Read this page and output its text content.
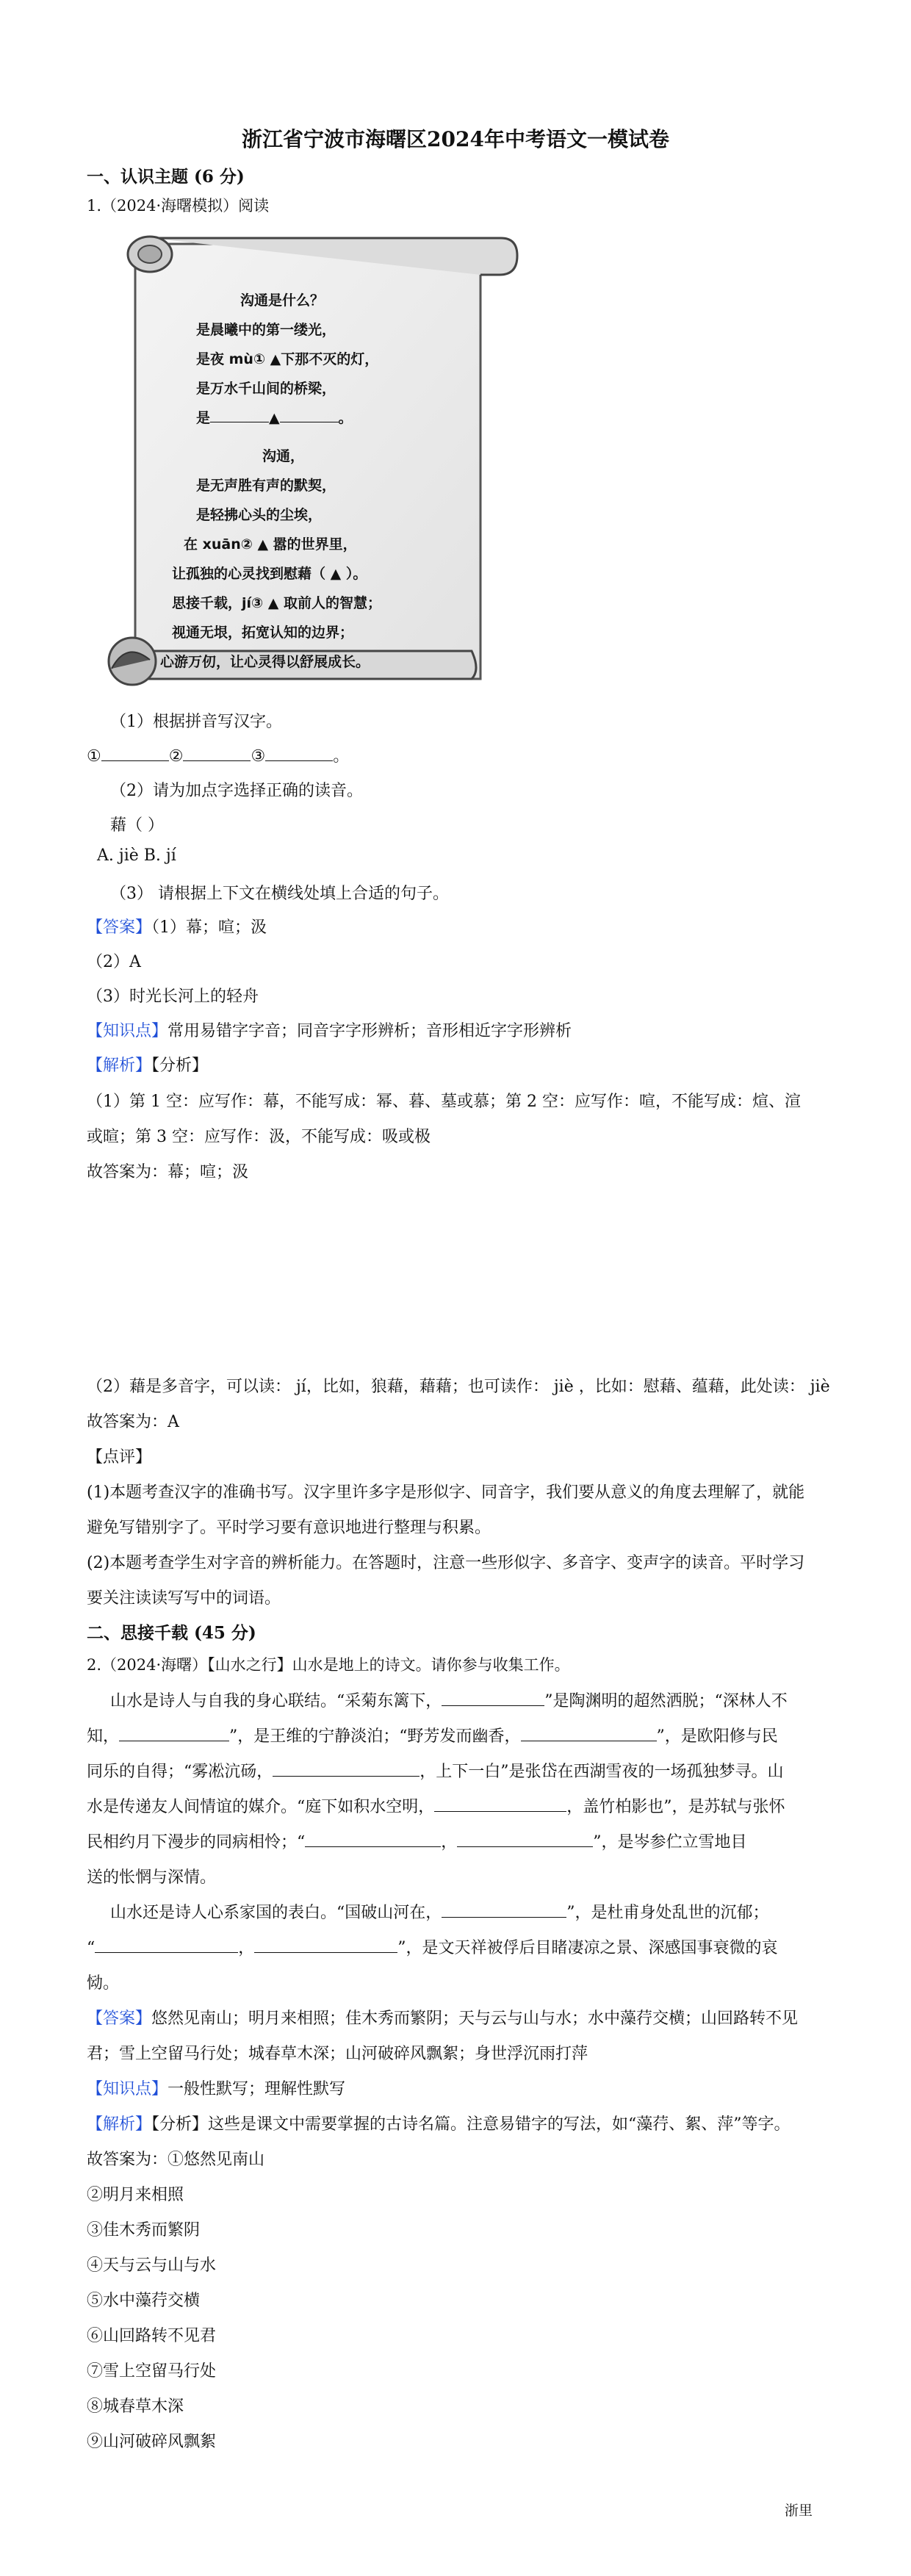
浙江省宁波市海曙区2024年中考语文一模试卷
一、认识主题 (6 分)
1.（2024·海曙模拟）阅读
沟通是什么？
是晨曦中的第一缕光，
是夜 mù① ▲下那不灭的灯，
是万水千山间的桥梁，
是	▲	。
沟通，
是无声胜有声的默契，
是轻拂心头的尘埃，
在 xuān② ▲ 嚣的世界里，
让孤独的心灵找到慰藉（ ▲ ）。
思接千载，jí③ ▲ 取前人的智慧；
视通无垠，拓宽认知的边界；
心游万仞，让心灵得以舒展成长。
（1）根据拼音写汉字。
①	②	③	。
（2）请为加点字选择正确的读音。
藉（ ）
A. jiè B. jí
（3） 请根据上下文在横线处填上合适的句子。
【答案】（1）幕；喧；汲
（2）A
（3）时光长河上的轻舟
【知识点】常用易错字字音；同音字字形辨析；音形相近字字形辨析
【解析】【分析】
（1）第 1 空：应写作：幕，不能写成：幂、暮、墓或慕；第 2 空：应写作：喧，不能写成：煊、渲
或暄；第 3 空：应写作：汲，不能写成：吸或极
故答案为：幕；喧；汲
（2）藉是多音字，可以读： jí，比如，狼藉，藉藉；也可读作： jiè ，比如：慰藉、蕴藉，此处读： jiè
故答案为：A
【点评】
(1)本题考查汉字的准确书写。汉字里许多字是形似字、同音字，我们要从意义的角度去理解了，就能
避免写错别字了。平时学习要有意识地进行整理与积累。
(2)本题考查学生对字音的辨析能力。在答题时，注意一些形似字、多音字、变声字的读音。平时学习
要关注读读写写中的词语。
二、思接千载 (45 分)
2.（2024·海曙）【山水之行】山水是地上的诗文。请你参与收集工作。
山水是诗人与自我的身心联结。“采菊东篱下，	”是陶渊明的超然洒脱；“深林人不
知，	”，是王维的宁静淡泊；“野芳发而幽香，	”，是欧阳修与民
同乐的自得；“雾凇沆砀，	，上下一白”是张岱在西湖雪夜的一场孤独梦寻。山
水是传递友人间情谊的媒介。“庭下如积水空明，	，盖竹柏影也”，是苏轼与张怀
民相约月下漫步的同病相怜；“	，	”，是岑参伫立雪地目
送的怅惘与深情。
山水还是诗人心系家国的表白。“国破山河在，	”，是杜甫身处乱世的沉郁；
“	，	”，是文天祥被俘后目睹凄凉之景、深感国事衰微的哀
恸。
【答案】悠然见南山；明月来相照；佳木秀而繁阴；天与云与山与水；水中藻荇交横；山回路转不见
君；雪上空留马行处；城春草木深；山河破碎风飘絮；身世浮沉雨打萍
【知识点】一般性默写；理解性默写
【解析】【分析】这些是课文中需要掌握的古诗名篇。注意易错字的写法，如“藻荇、絮、萍”等字。
故答案为：①悠然见南山
②明月来相照
③佳木秀而繁阴
④天与云与山与水
⑤水中藻荇交横
⑥山回路转不见君
⑦雪上空留马行处
⑧城春草木深
⑨山河破碎风飘絮
浙里
